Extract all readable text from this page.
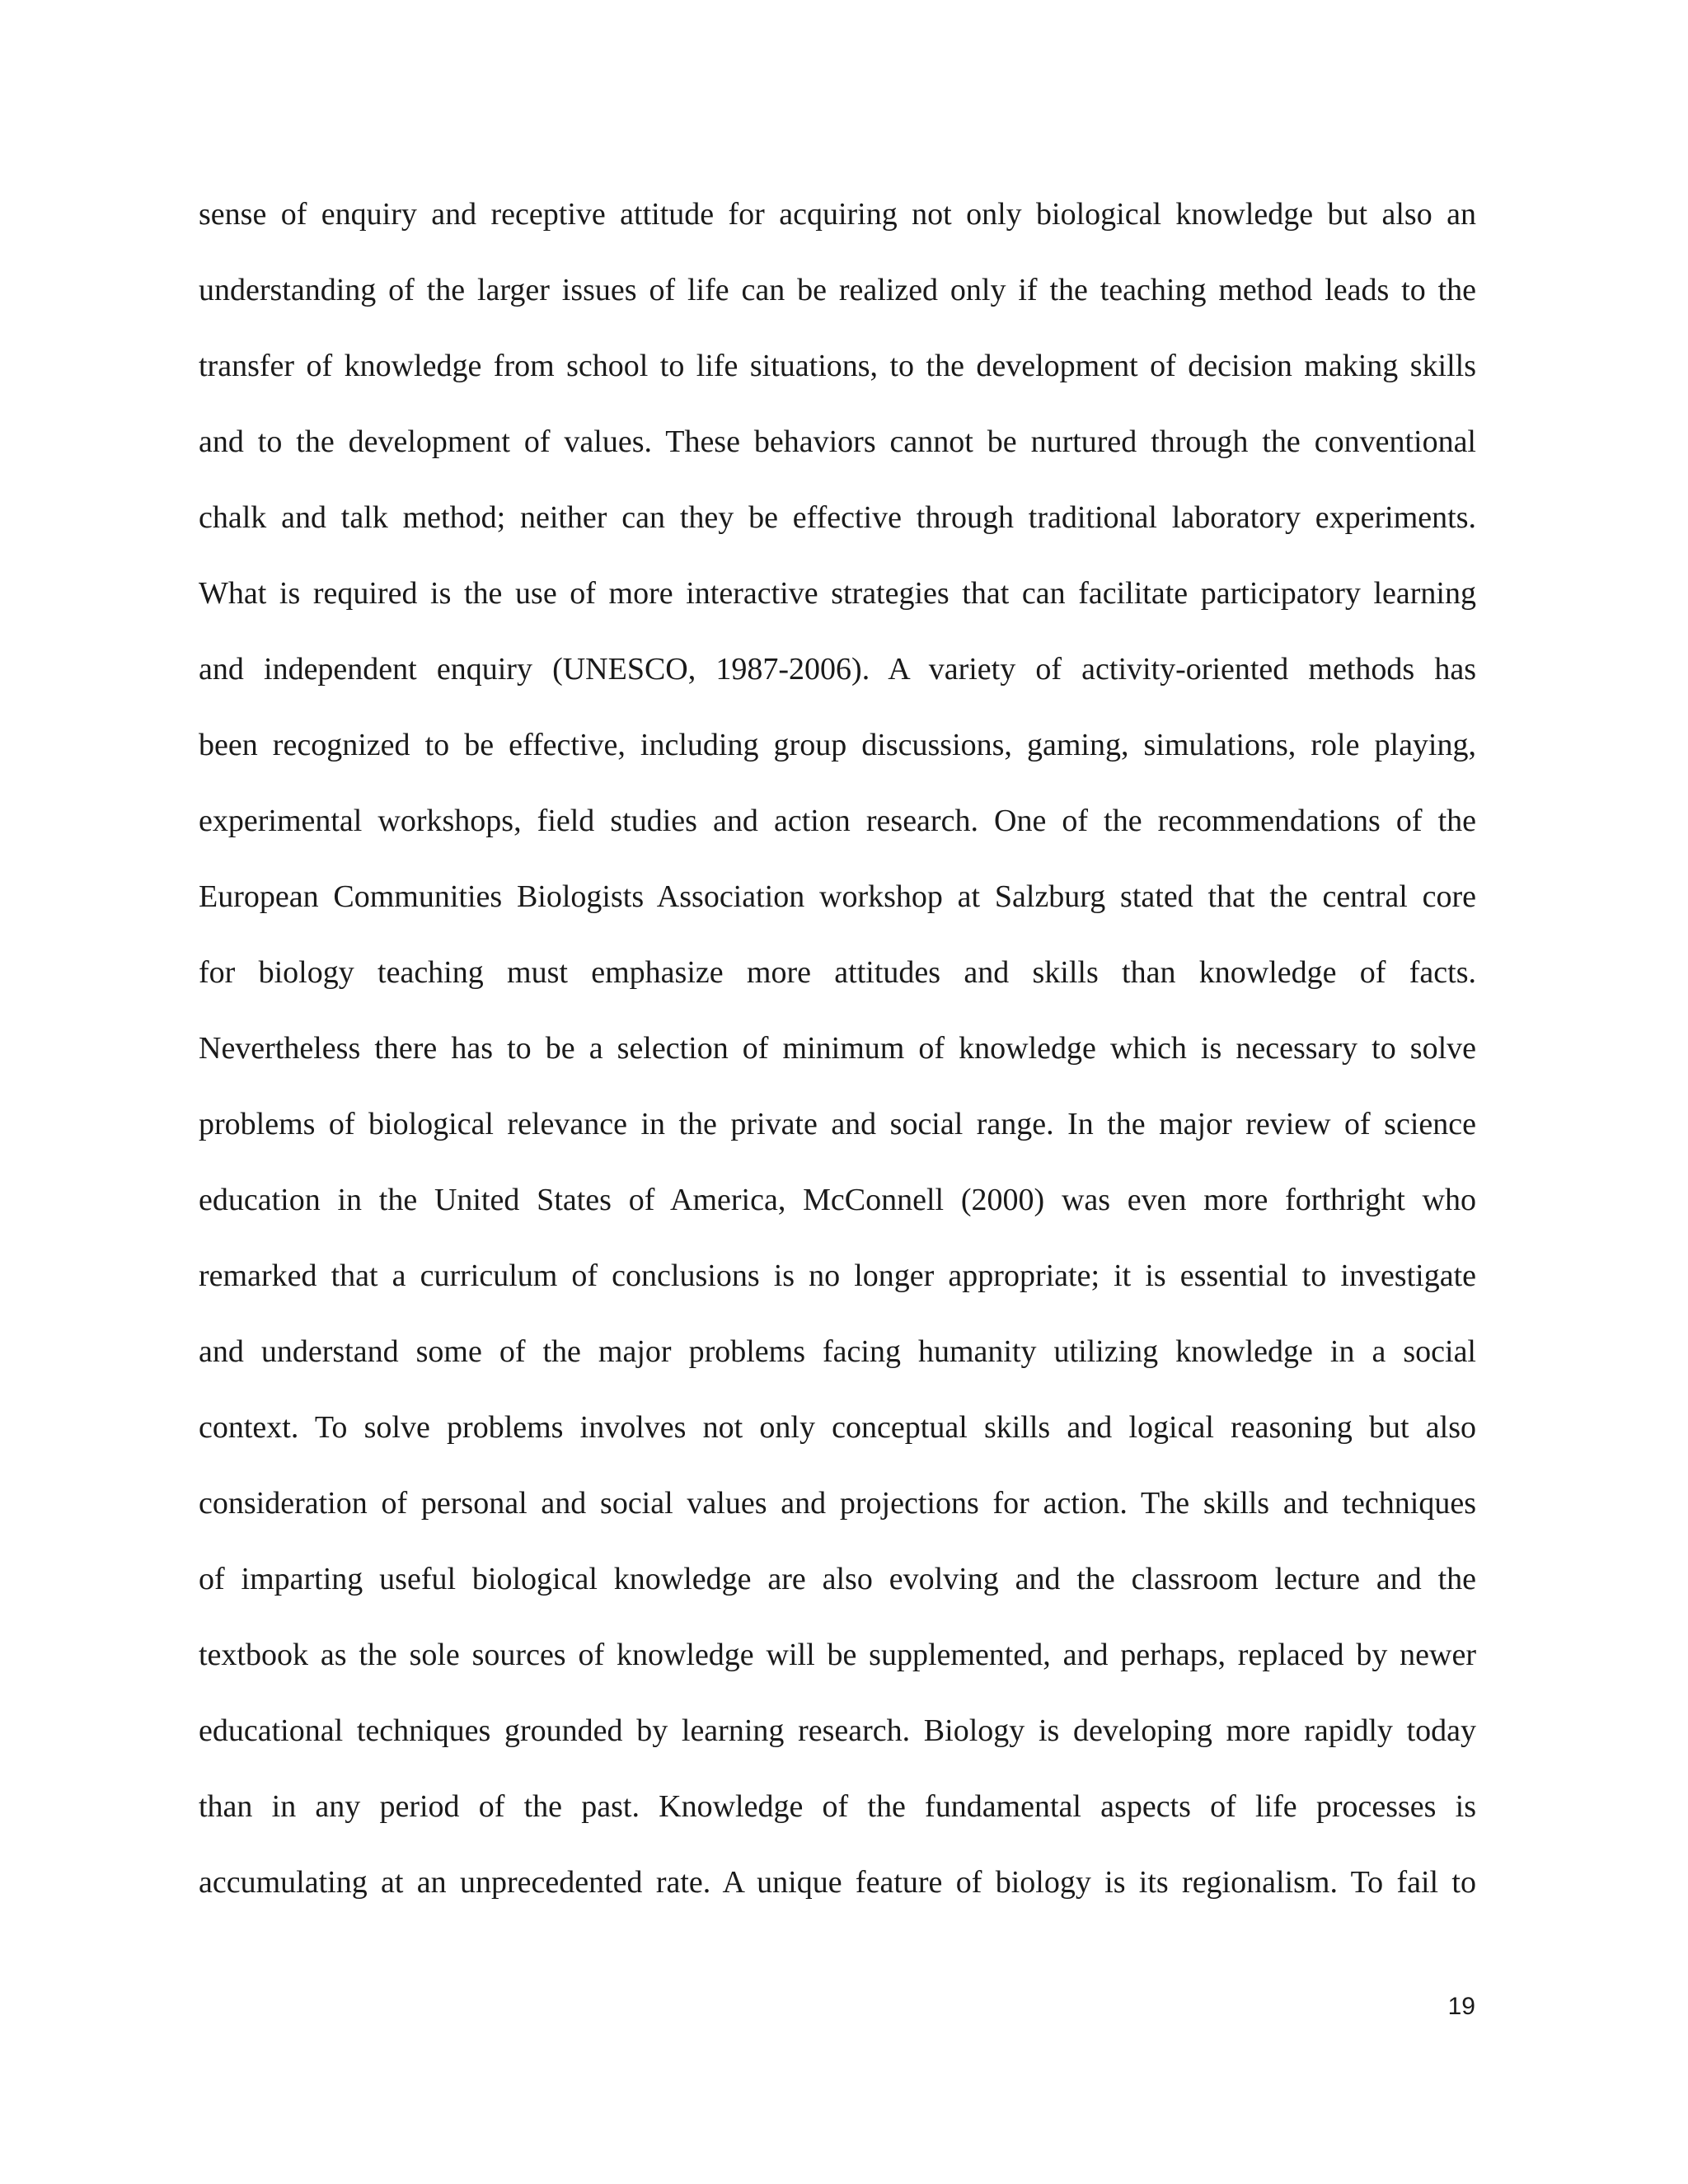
sense of enquiry and receptive attitude for acquiring not only biological knowledge but also an
understanding of the larger issues of life can be realized only if the teaching method leads to the
transfer of knowledge from school to life situations, to the development of decision making skills
and to the development of values. These behaviors cannot be nurtured through the conventional
chalk and talk method; neither can they be effective through traditional laboratory experiments.
What is required is the use of more interactive strategies that can facilitate participatory learning
and independent enquiry (UNESCO, 1987-2006). A variety of activity-oriented methods has
been recognized to be effective, including group discussions, gaming, simulations, role playing,
experimental workshops, field studies and action research. One of the recommendations of the
European Communities Biologists Association workshop at Salzburg stated that the central core
for biology teaching must emphasize more attitudes and skills than knowledge of facts.
Nevertheless there has to be a selection of minimum of knowledge which is necessary to solve
problems of biological relevance in the private and social range. In the major review of science
education in the United States of America, McConnell (2000) was even more forthright who
remarked that a curriculum of conclusions is no longer appropriate; it is essential to investigate
and understand some of the major problems facing humanity utilizing knowledge in a social
context. To solve problems involves not only conceptual skills and logical reasoning but also
consideration of personal and social values and projections for action. The skills and techniques
of imparting useful biological knowledge are also evolving and the classroom lecture and the
textbook as the sole sources of knowledge will be supplemented, and perhaps, replaced by newer
educational techniques grounded by learning research. Biology is developing more rapidly today
than in any period of the past. Knowledge of the fundamental aspects of life processes is
accumulating at an unprecedented rate. A unique feature of biology is its regionalism. To fail to
19
